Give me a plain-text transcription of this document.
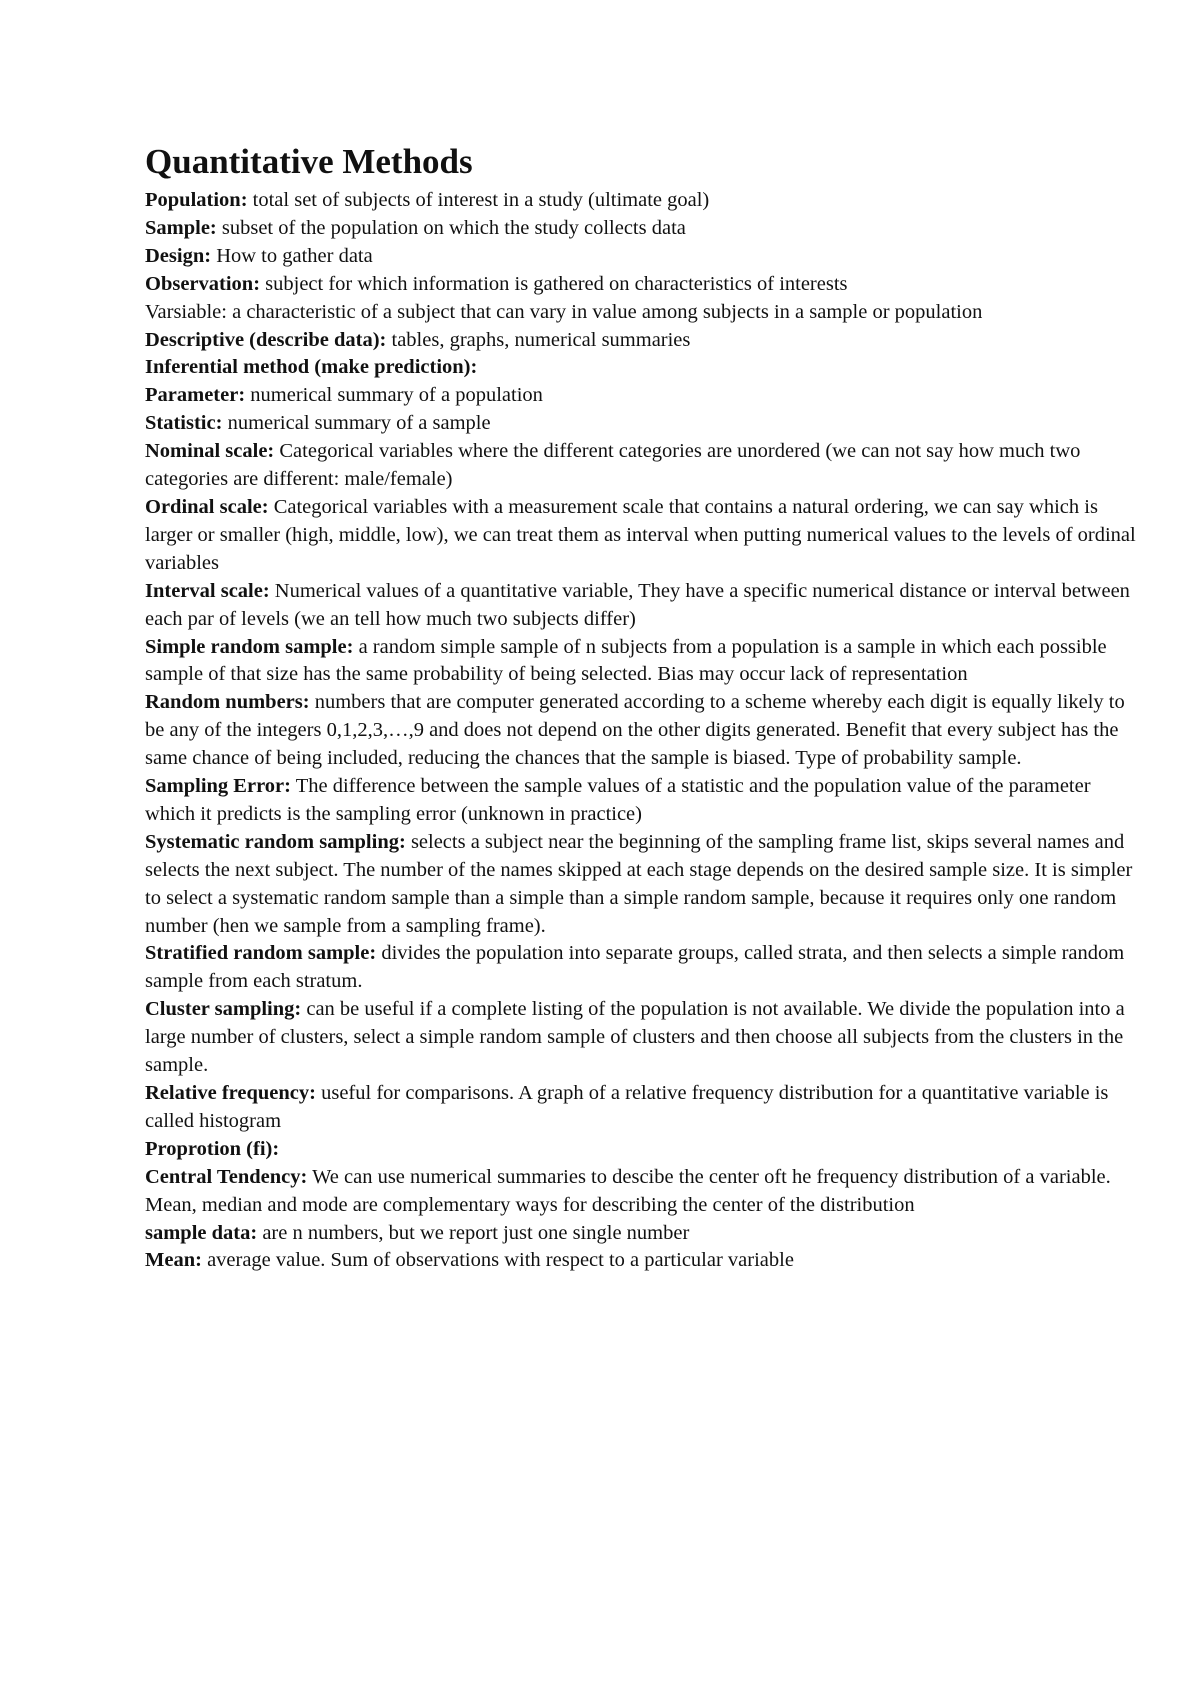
Quantitative Methods

Population: total set of subjects of interest in a study (ultimate goal)

Sample: subset of the population on which the study collects data

Design: How to gather data

Observation: subject for which information is gathered on characteristics of interests

Varsiable: a characteristic of a subject that can vary in value among subjects in a sample or population

Descriptive (describe data): tables, graphs, numerical summaries

Inferential method (make prediction):

Parameter: numerical summary of a population

Statistic: numerical summary of a sample

Nominal scale: Categorical variables where the different categories are unordered (we can not say how much two categories are different: male/female)

Ordinal scale: Categorical variables with a measurement scale that contains a natural ordering, we can say which is larger or smaller (high, middle, low), we can treat them as interval when putting numerical values to the levels of ordinal variables

Interval scale: Numerical values of a quantitative variable, They have a specific numerical distance or interval between each par of levels (we an tell how much two subjects differ)

Simple random sample: a random simple sample of n subjects from a population is a sample in which each possible sample of that size has the same probability of being selected. Bias may occur lack of representation

Random numbers: numbers that are computer generated according to a scheme whereby each digit is equally likely to be any of the integers 0,1,2,3,…,9 and does not depend on the other digits generated. Benefit that every subject has the same chance of being included, reducing the chances that the sample is biased. Type of probability sample.

Sampling Error: The difference between the sample values of a statistic and the population value of the parameter which it predicts is the sampling error (unknown in practice)

Systematic random sampling: selects a subject near the beginning of the sampling frame list, skips several names and selects the next subject. The number of the names skipped at each stage depends on the desired sample size. It is simpler to select a systematic random sample than a simple than a simple random sample, because it requires only one random number (hen we sample from a sampling frame).

Stratified random sample: divides the population into separate groups, called strata, and then selects a simple random sample from each stratum.

Cluster sampling: can be useful if a complete listing of the population is not available. We divide the population into a large number of clusters, select a simple random sample of clusters and then choose all subjects from the clusters in the sample.

Relative frequency: useful for comparisons. A graph of a relative frequency distribution for a quantitative variable is called histogram

Proprotion (fi):

Central Tendency: We can use numerical summaries to descibe the center oft he frequency distribution of a variable. Mean, median and mode are complementary ways for describing the center of the distribution

sample data: are n numbers, but we report just one single number

Mean: average value. Sum of observations with respect to a particular variable
